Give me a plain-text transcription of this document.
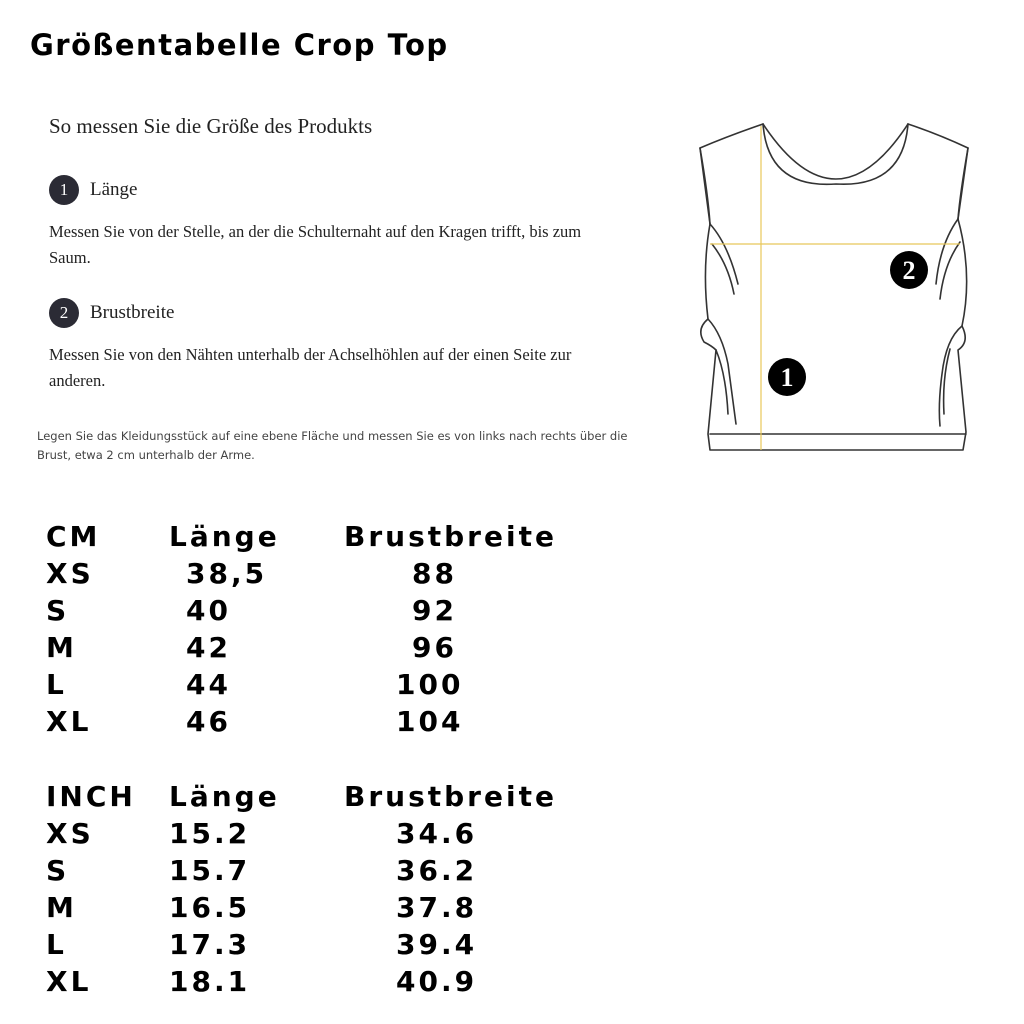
Größentabelle Crop Top
So messen Sie die Größe des Produkts
1	Länge
Messen Sie von der Stelle, an der die Schulternaht auf den Kragen trifft, bis zum Saum.
2	Brustbreite
Messen Sie von den Nähten unterhalb der Achselhöhlen auf der einen Seite zur anderen.
Legen Sie das Kleidungsstück auf eine ebene Fläche und messen Sie es von links nach rechts über die Brust, etwa 2 cm unterhalb der Arme.
1
2
CM Länge Brustbreite
XS	38,5	88
S	40	92
M	42	96
L	44	100
XL	46	104
INCH Länge Brustbreite
XS	15.2	34.6
S	15.7	36.2
M	16.5	37.8
L	17.3	39.4
XL	18.1	40.9
